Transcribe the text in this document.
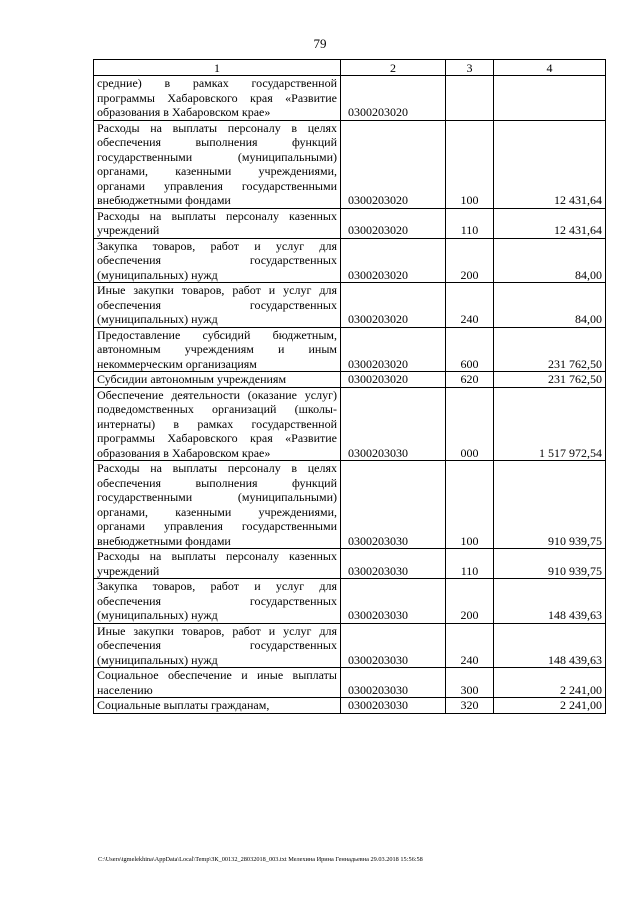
79
1	2	3	4
средние) в рамках государственной программы Хабаровского края «Развитие образования в Хабаровском крае»	0300203020		
Расходы на выплаты персоналу в целях обеспечения выполнения функций государственными (муниципальными) органами, казенными учреждениями, органами управления государственными внебюджетными фондами	0300203020	100	12 431,64
Расходы на выплаты персоналу казенных учреждений	0300203020	110	12 431,64
Закупка товаров, работ и услуг для обеспечения государственных (муниципальных) нужд	0300203020	200	84,00
Иные закупки товаров, работ и услуг для обеспечения государственных (муниципальных) нужд	0300203020	240	84,00
Предоставление субсидий бюджетным, автономным учреждениям и иным некоммерческим организациям	0300203020	600	231 762,50
Субсидии автономным учреждениям	0300203020	620	231 762,50
Обеспечение деятельности (оказание услуг) подведомственных организаций (школы-интернаты) в рамках государственной программы Хабаровского края «Развитие образования в Хабаровском крае»	0300203030	000	1 517 972,54
Расходы на выплаты персоналу в целях обеспечения выполнения функций государственными (муниципальными) органами, казенными учреждениями, органами управления государственными внебюджетными фондами	0300203030	100	910 939,75
Расходы на выплаты персоналу казенных учреждений	0300203030	110	910 939,75
Закупка товаров, работ и услуг для обеспечения государственных (муниципальных) нужд	0300203030	200	148 439,63
Иные закупки товаров, работ и услуг для обеспечения государственных (муниципальных) нужд	0300203030	240	148 439,63
Социальное обеспечение и иные выплаты населению	0300203030	300	2 241,00
Социальные выплаты гражданам,	0300203030	320	2 241,00
C:\Users\tgmelekhina\AppData\Local\Temp\ЗК_00132_28032018_003.txt Мелехина Ирина Геннадьевна 29.03.2018 15:56:58
